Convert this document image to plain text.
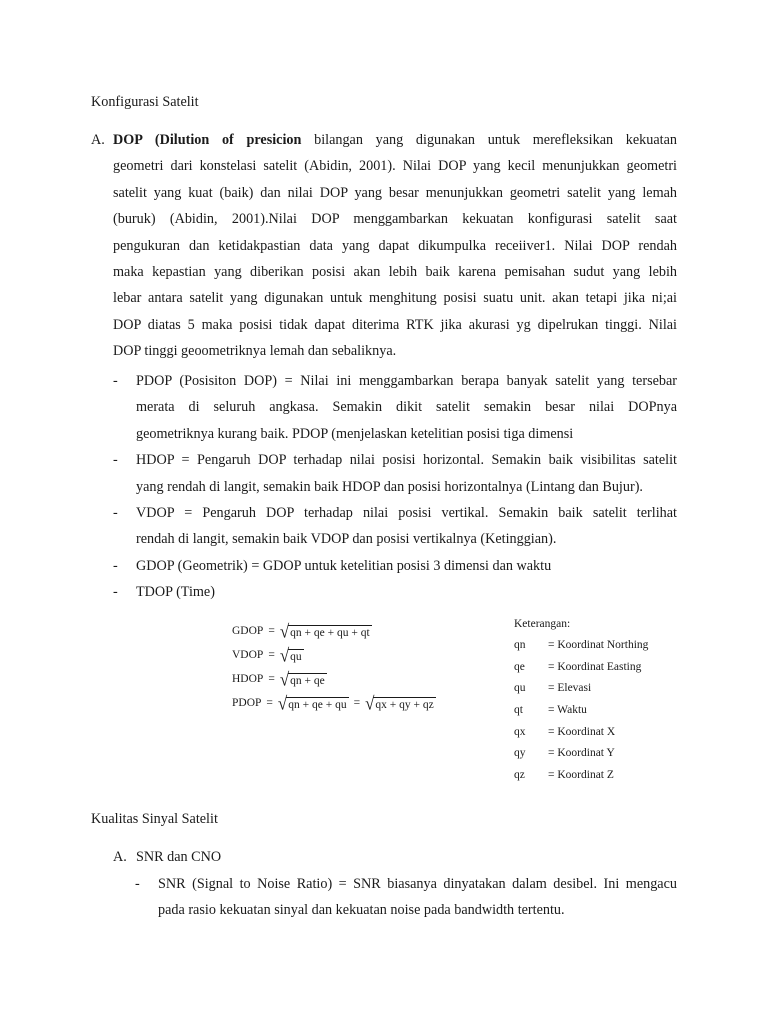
Konfigurasi Satelit
A. DOP (Dilution of presicion bilangan yang digunakan untuk merefleksikan kekuatan
geometri dari konstelasi satelit (Abidin, 2001). Nilai DOP yang kecil menunjukkan geometri
satelit yang kuat (baik) dan nilai DOP yang besar menunjukkan geometri satelit yang lemah
(buruk) (Abidin, 2001).Nilai DOP menggambarkan kekuatan konfigurasi satelit saat
pengukuran dan ketidakpastian data yang dapat dikumpulka receiiver1. Nilai DOP rendah
maka kepastian yang diberikan posisi akan lebih baik karena pemisahan sudut yang lebih
lebar antara satelit yang digunakan untuk menghitung posisi suatu unit. akan tetapi jika ni;ai
DOP diatas 5 maka posisi tidak dapat diterima RTK jika akurasi yg dipelrukan tinggi. Nilai
DOP tinggi geoometriknya lemah dan sebaliknya.
- PDOP (Posisiton DOP) = Nilai ini menggambarkan berapa banyak satelit yang tersebar
merata di seluruh angkasa. Semakin dikit satelit semakin besar nilai DOPnya
geometriknya kurang baik. PDOP (menjelaskan ketelitian posisi tiga dimensi
- HDOP = Pengaruh DOP terhadap nilai posisi horizontal. Semakin baik visibilitas satelit
yang rendah di langit, semakin baik HDOP dan posisi horizontalnya (Lintang dan Bujur).
- VDOP = Pengaruh DOP terhadap nilai posisi vertikal. Semakin baik satelit terlihat
rendah di langit, semakin baik VDOP dan posisi vertikalnya (Ketinggian).
- GDOP (Geometrik) = GDOP untuk ketelitian posisi 3 dimensi dan waktu
- TDOP (Time)
GDOP = √ qn + qe + qu + qt
VDOP = √ qu
HDOP = √ qn + qe
PDOP = √ qn + qe + qu = √ qx + qy + qz
Keterangan:
qn = Koordinat Northing
qe = Koordinat Easting
qu = Elevasi
qt = Waktu
qx = Koordinat X
qy = Koordinat Y
qz = Koordinat Z
Kualitas Sinyal Satelit
A. SNR dan CNO
- SNR (Signal to Noise Ratio) = SNR biasanya dinyatakan dalam desibel. Ini mengacu
pada rasio kekuatan sinyal dan kekuatan noise pada bandwidth tertentu.
